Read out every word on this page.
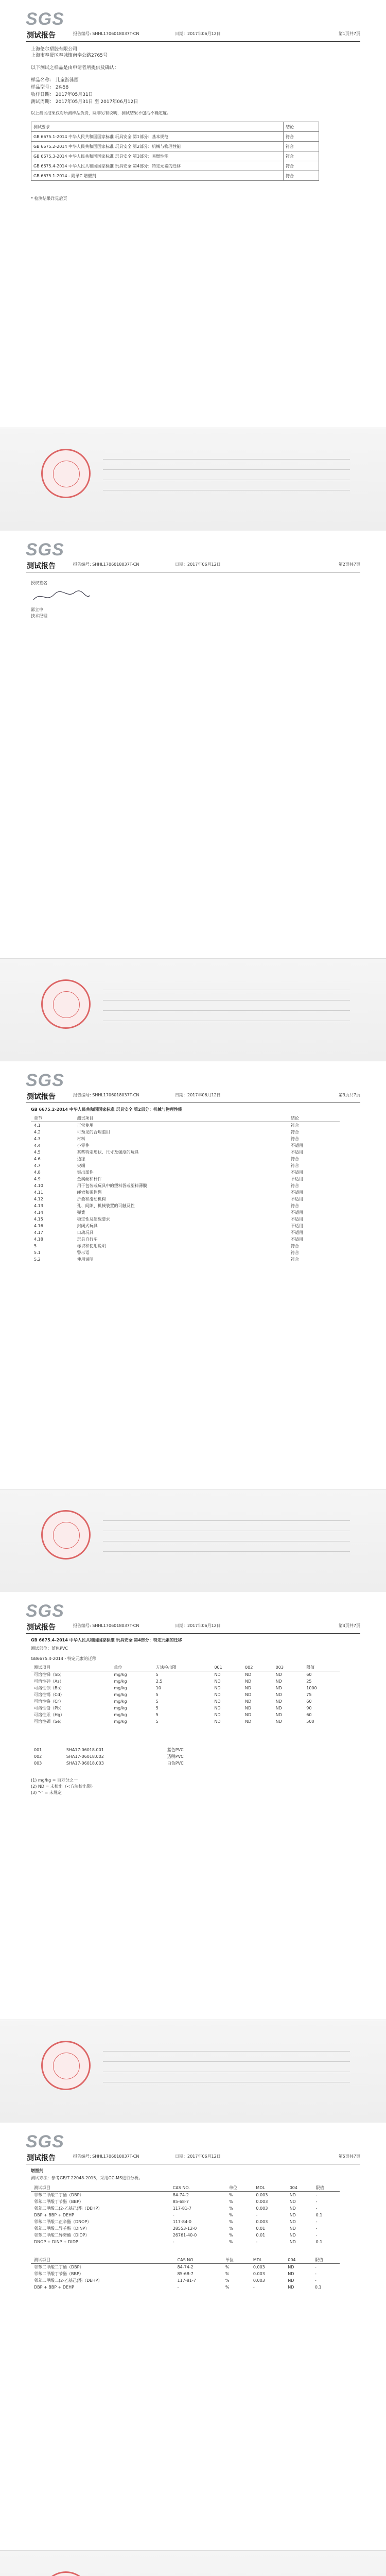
SGS
测试报告	报告编号: SHHL1706018037T-CN	日期：2017年06月12日	第1页共7页
上海伦尔塑胶有限公司
上海市奉贤区奉城镇南奉公路2765号
以下测试之样品是由申请者所提供及确认：
样品名称： 儿童游泳圈
样品型号： 2K-58
收样日期： 2017年05月31日
测试周期： 2017年05月31日 至 2017年06月12日
以上测试结果仅对所测样品负责，除非另有说明，测试结果不包括不确定度。
测试要求	结论
GB 6675.1-2014 中华人民共和国国家标准 玩具安全 第1部分：基本规范	符合
GB 6675.2-2014 中华人民共和国国家标准 玩具安全 第2部分：机械与物理性能	符合
GB 6675.3-2014 中华人民共和国国家标准 玩具安全 第3部分：易燃性能	符合
GB 6675.4-2014 中华人民共和国国家标准 玩具安全 第4部分：特定元素的迁移	符合
GB 6675.1-2014 - 附录C 增塑剂	符合
* 检测结果详见后页
SGS
测试报告	报告编号: SHHL1706018037T-CN	日期：2017年06月12日	第2页共7页
授权签名
邵立中
技术经理
SGS
测试报告	报告编号: SHHL1706018037T-CN	日期：2017年06月12日	第3页共7页
GB 6675.2-2014 中华人民共和国国家标准 玩具安全 第2部分：机械与物理性能
章节	测试项目	结论
4.1	正常使用	符合
4.2	可预见的合理滥用	符合
4.3	材料	符合
4.4	小零件	不适用
4.5	某些特定形状、尺寸及强度的玩具	不适用
4.6	边缘	符合
4.7	尖端	符合
4.8	突出部件	不适用
4.9	金属丝和杆件	不适用
4.10	用于包装或玩具中的塑料袋或塑料薄膜	符合
4.11	绳索和弹性绳	不适用
4.12	折叠和滑动机构	不适用
4.13	孔、间隙、机械装置的可触及性	符合
4.14	弹簧	不适用
4.15	稳定性及超载要求	不适用
4.16	封闭式玩具	不适用
4.17	口动玩具	不适用
4.18	玩具自行车	不适用
5	标识和使用说明	符合
5.1	警示语	符合
5.2	使用说明	符合
SGS
测试报告	报告编号: SHHL1706018037T-CN	日期：2017年06月12日	第4页共7页
GB 6675.4-2014 中华人民共和国国家标准 玩具安全 第4部分：特定元素的迁移
测试部位：蓝色PVC
GB6675.4-2014 - 特定元素的迁移
测试项目	单位	方法检出限	001	002	003	限值
可溶性锑（Sb）	mg/kg	5	ND	ND	ND	60
可溶性砷（As）	mg/kg	2.5	ND	ND	ND	25
可溶性钡（Ba）	mg/kg	10	ND	ND	ND	1000
可溶性镉（Cd）	mg/kg	5	ND	ND	ND	75
可溶性铬（Cr）	mg/kg	5	ND	ND	ND	60
可溶性铅（Pb）	mg/kg	5	ND	ND	ND	90
可溶性汞（Hg）	mg/kg	5	ND	ND	ND	60
可溶性硒（Se）	mg/kg	5	ND	ND	ND	500
001	SHA17-06018.001	蓝色PVC
002	SHA17-06018.002	透明PVC
003	SHA17-06018.003	白色PVC
(1) mg/kg = 百万分之一
(2) ND = 未检出（<方法检出限）
(3) "-" = 未规定
SGS
测试报告	报告编号: SHHL1706018037T-CN	日期：2017年06月12日	第5页共7页
增塑剂
测试方法：参考GB/T 22048-2015，采用GC-MS进行分析。
测试项目	CAS NO.	单位	MDL	004	限值
邻苯二甲酸二丁酯（DBP）	84-74-2	%	0.003	ND	-
邻苯二甲酸丁苄酯（BBP）	85-68-7	%	0.003	ND	-
邻苯二甲酸二(2-乙基己)酯（DEHP）	117-81-7	%	0.003	ND	-
DBP + BBP + DEHP	-	%	-	ND	0.1
邻苯二甲酸二正辛酯（DNOP）	117-84-0	%	0.003	ND	-
邻苯二甲酸二异壬酯（DINP）	28553-12-0	%	0.01	ND	-
邻苯二甲酸二异癸酯（DIDP）	26761-40-0	%	0.01	ND	-
DNOP + DINP + DIDP	-	%	-	ND	0.1
测试项目	CAS NO.	单位	MDL	004	限值
邻苯二甲酸二丁酯（DBP）	84-74-2	%	0.003	ND	-
邻苯二甲酸丁苄酯（BBP）	85-68-7	%	0.003	ND	-
邻苯二甲酸二(2-乙基己)酯（DEHP）	117-81-7	%	0.003	ND	-
DBP + BBP + DEHP	-	%	-	ND	0.1
